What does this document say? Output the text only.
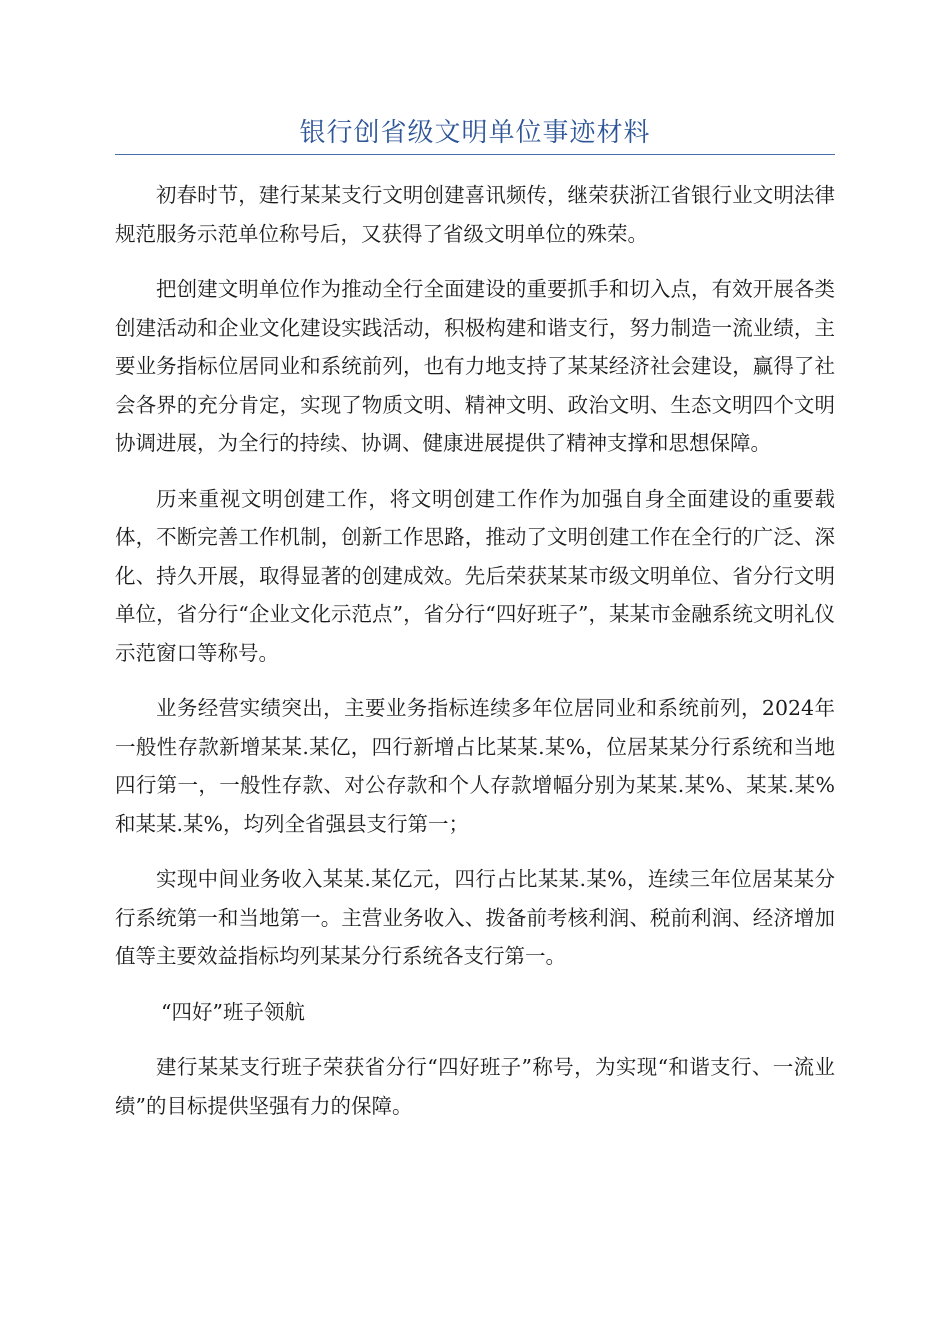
银行创省级文明单位事迹材料

初春时节，建行某某支行文明创建喜讯频传，继荣获浙江省银行业文明法律规范服务示范单位称号后，又获得了省级文明单位的殊荣。

把创建文明单位作为推动全行全面建设的重要抓手和切入点，有效开展各类创建活动和企业文化建设实践活动，积极构建和谐支行，努力制造一流业绩，主要业务指标位居同业和系统前列，也有力地支持了某某经济社会建设，赢得了社会各界的充分肯定，实现了物质文明、精神文明、政治文明、生态文明四个文明协调进展，为全行的持续、协调、健康进展提供了精神支撑和思想保障。

历来重视文明创建工作，将文明创建工作作为加强自身全面建设的重要载体，不断完善工作机制，创新工作思路，推动了文明创建工作在全行的广泛、深化、持久开展，取得显著的创建成效。先后荣获某某市级文明单位、省分行文明单位，省分行“企业文化示范点”，省分行“四好班子”，某某市金融系统文明礼仪示范窗口等称号。

业务经营实绩突出，主要业务指标连续多年位居同业和系统前列，2024年一般性存款新增某某.某亿，四行新增占比某某.某%，位居某某分行系统和当地四行第一，一般性存款、对公存款和个人存款增幅分别为某某.某%、某某.某%和某某.某%，均列全省强县支行第一；

实现中间业务收入某某.某亿元，四行占比某某.某%，连续三年位居某某分行系统第一和当地第一。主营业务收入、拨备前考核利润、税前利润、经济增加值等主要效益指标均列某某分行系统各支行第一。

“四好”班子领航

建行某某支行班子荣获省分行“四好班子”称号，为实现“和谐支行、一流业绩”的目标提供坚强有力的保障。
